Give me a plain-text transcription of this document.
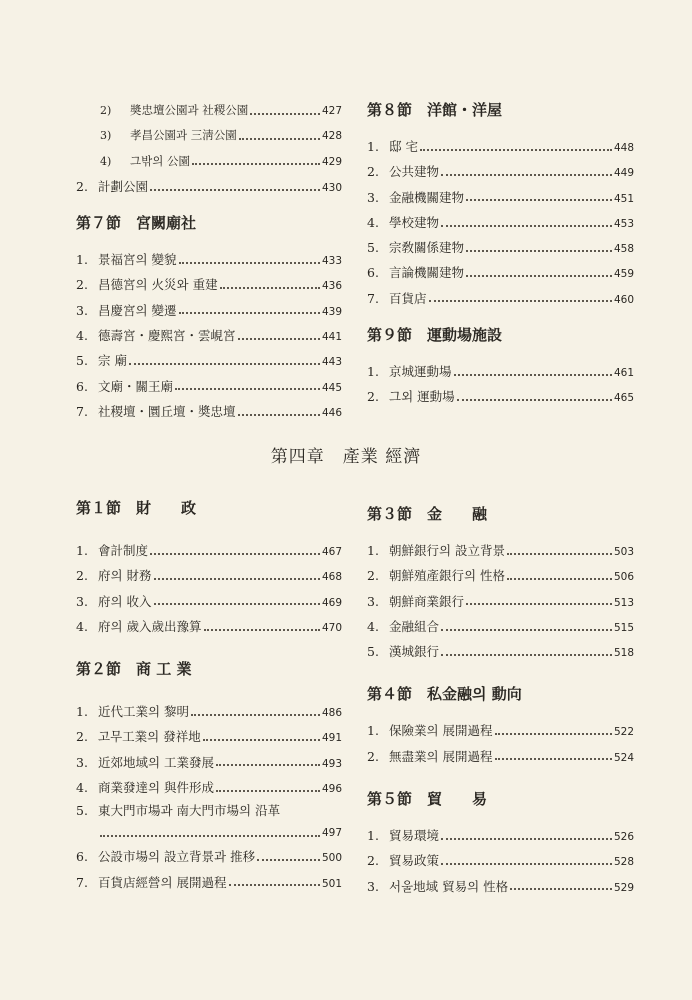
2)	奬忠壇公園과 社稷公園	427
3)	孝昌公園과 三淸公園	428
4)	그밖의 公園	429
2. 計劃公園	430
第７節　宮闕廟社
1. 景福宮의 變貌	433
2. 昌德宮의 火災와 重建	436
3. 昌慶宮의 變遷	439
4. 德壽宮・慶熙宮・雲峴宮	441
5. 宗 廟	443
6. 文廟・關王廟	445
7. 社稷壇・圜丘壇・奬忠壇	446
第８節　洋館・洋屋
1. 邸 宅	448
2. 公共建物	449
3. 金融機關建物	451
4. 學校建物	453
5. 宗敎關係建物	458
6. 言論機關建物	459
7. 百貨店	460
第９節　運動場施設
1. 京城運動場	461
2. 그외 運動場	465
第四章　產業 經濟
第１節　財　　政
1. 會計制度	467
2. 府의 財務	468
3. 府의 收入	469
4. 府의 歲入歲出豫算	470
第２節　商 工 業
1. 近代工業의 黎明	486
2. 고무工業의 發祥地	491
3. 近郊地域의 工業發展	493
4. 商業發達의 與件形成	496
5. 東大門市場과 南大門市場의 沿革
497
6. 公設市場의 設立背景과 推移	500
7. 百貨店經營의 展開過程	501
第３節　金　　融
1. 朝鮮銀行의 設立背景	503
2. 朝鮮殖產銀行의 性格	506
3. 朝鮮商業銀行	513
4. 金融組合	515
5. 漢城銀行	518
第４節　私金融의 動向
1. 保險業의 展開過程	522
2. 無盡業의 展開過程	524
第５節　貿　　易
1. 貿易環境	526
2. 貿易政策	528
3. 서울地域 貿易의 性格	529
